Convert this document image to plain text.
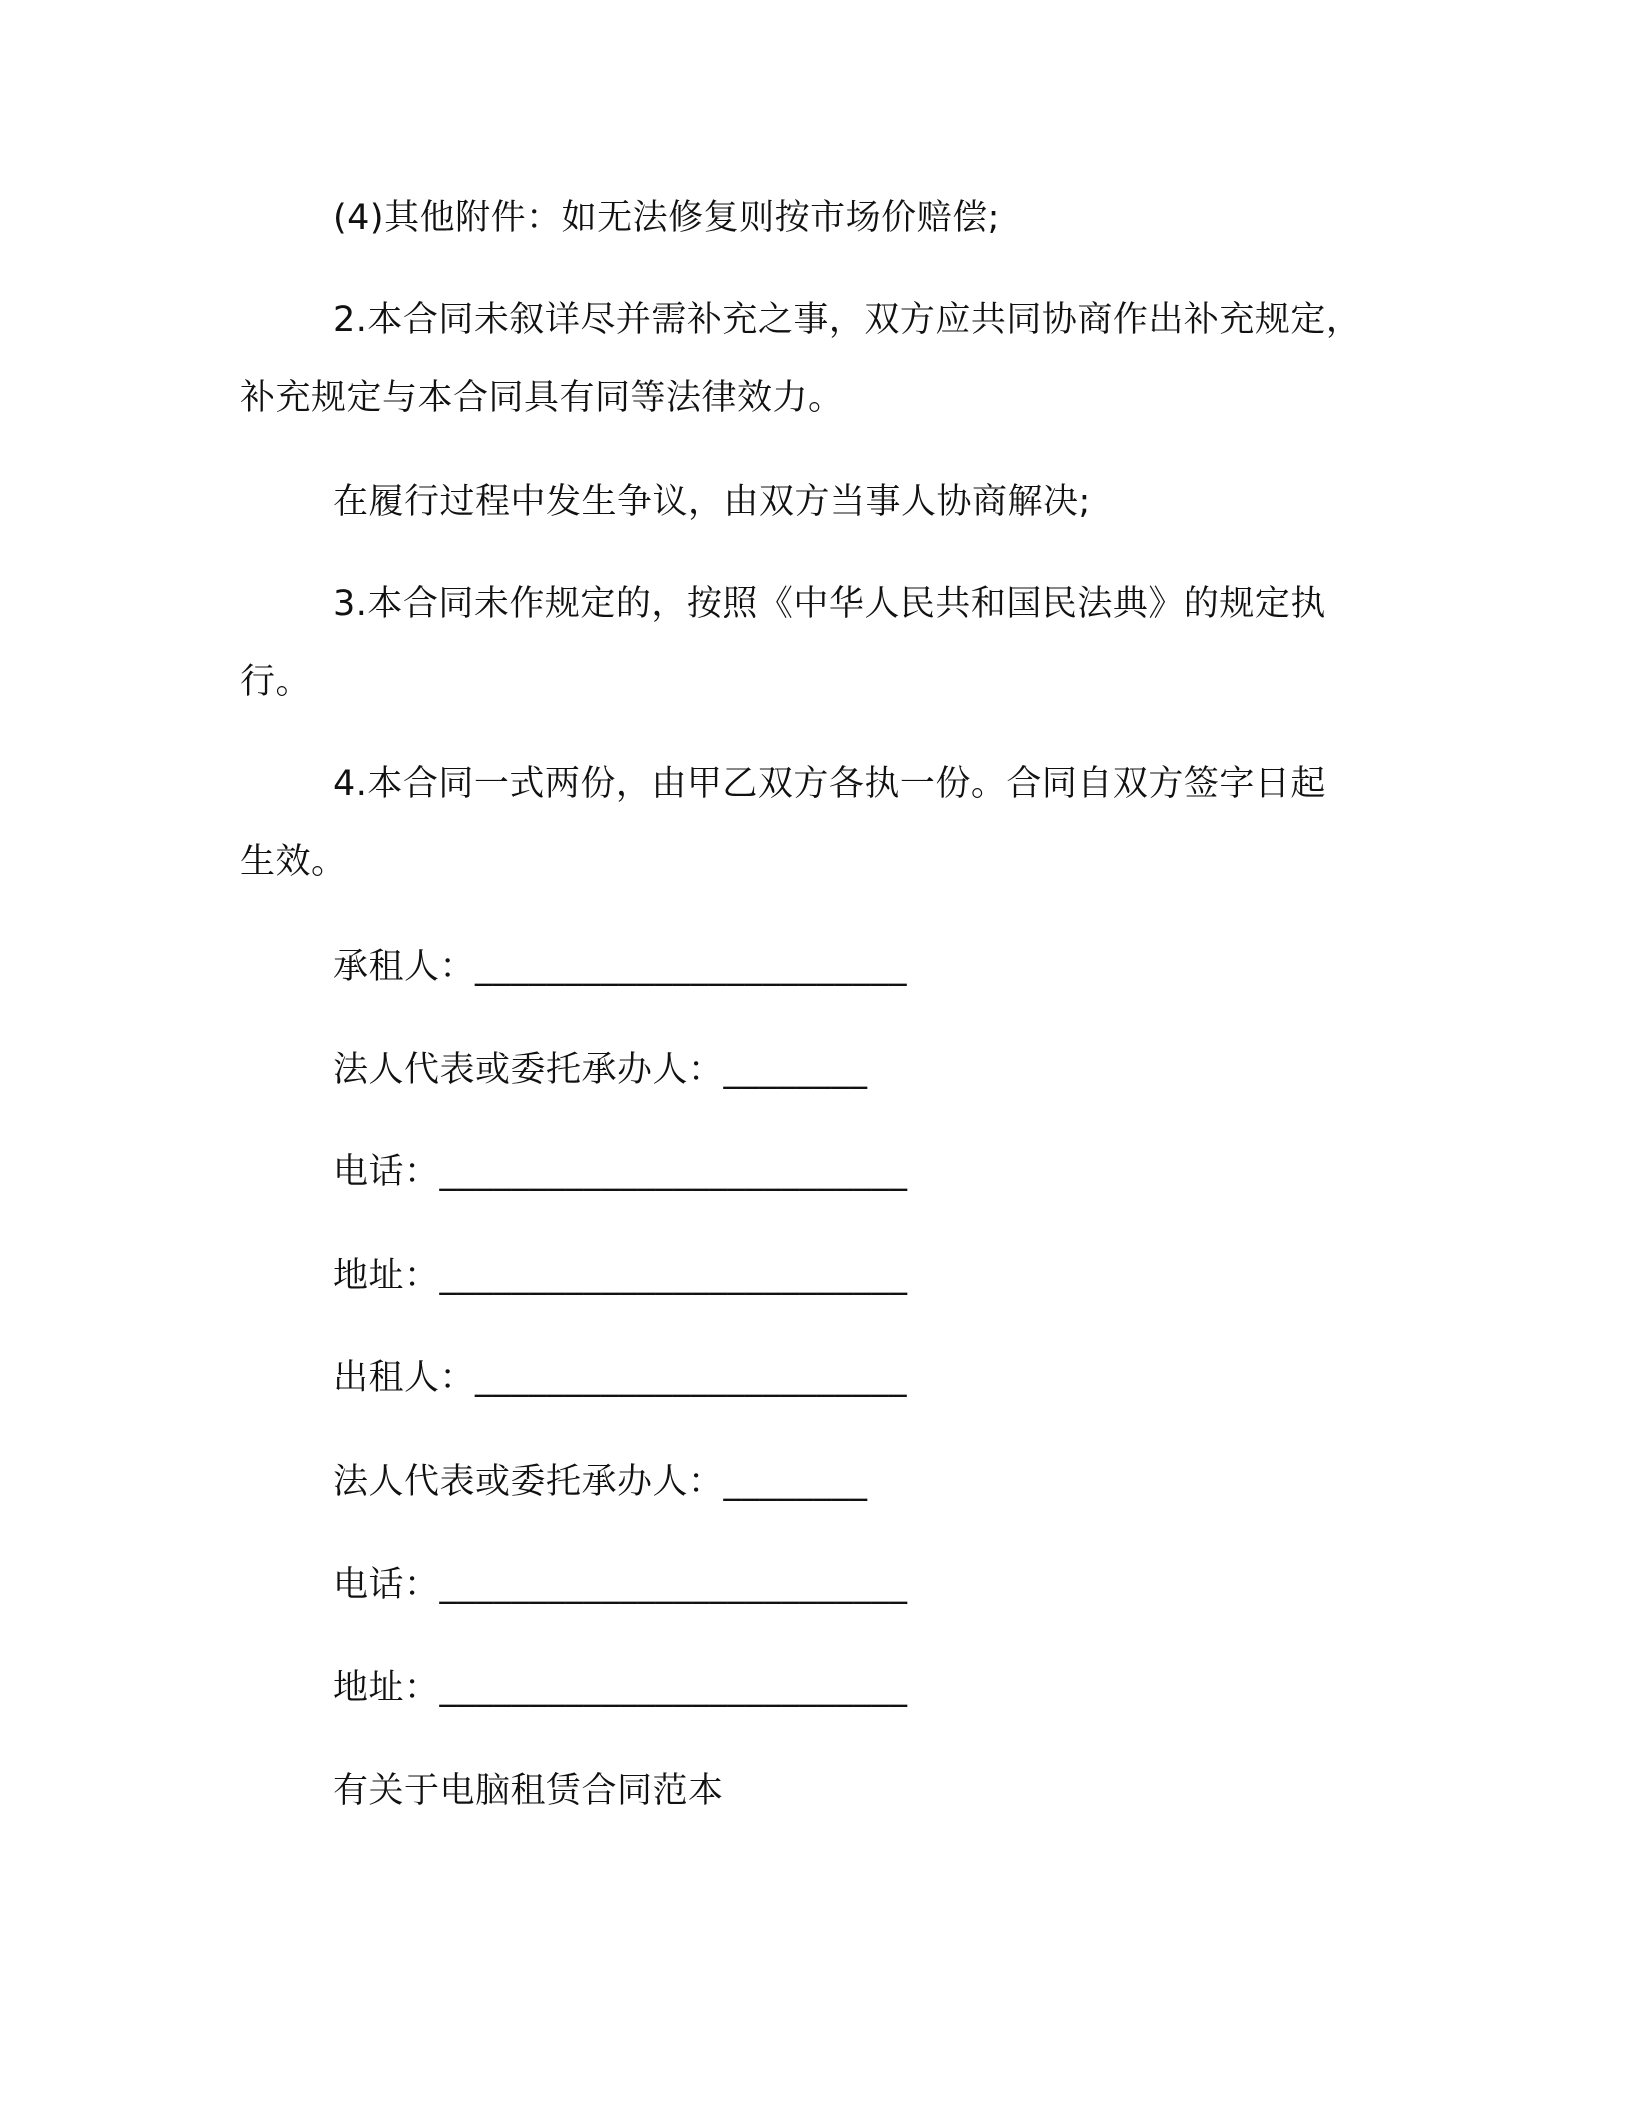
(4)其他附件：如无法修复则按市场价赔偿;
2.本合同未叙详尽并需补充之事，双方应共同协商作出补充规定，
补充规定与本合同具有同等法律效力。
在履行过程中发生争议，由双方当事人协商解决;
3.本合同未作规定的，按照《中华人民共和国民法典》的规定执
行。
4.本合同一式两份，由甲乙双方各执一份。合同自双方签字日起
生效。
承租人：________________________
法人代表或委托承办人：________
电话：__________________________
地址：__________________________
出租人：________________________
法人代表或委托承办人：________
电话：__________________________
地址：__________________________
有关于电脑租赁合同范本
